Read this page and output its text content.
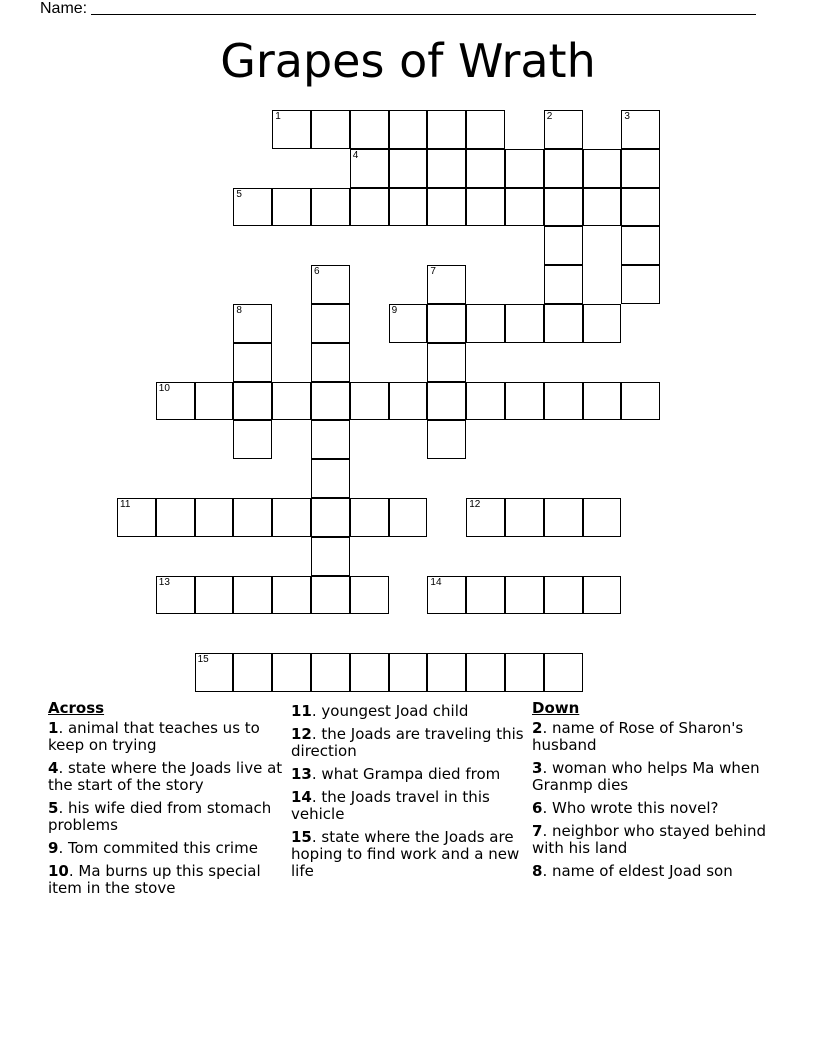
Name:
Grapes of Wrath
1
4
5
9
10
11	12
13	14
15
2	3
6	7
8
Across
1. animal that teaches us to keep on trying
4. state where the Joads live at the start of the story
5. his wife died from stomach problems
9. Tom commited this crime
10. Ma burns up this special item in the stove
11. youngest Joad child
12. the Joads are traveling this direction
13. what Grampa died from
14. the Joads travel in this vehicle
15. state where the Joads are hoping to find work and a new life
Down
2. name of Rose of Sharon's husband
3. woman who helps Ma when Granmp dies
6. Who wrote this novel?
7. neighbor who stayed behind with his land
8. name of eldest Joad son
